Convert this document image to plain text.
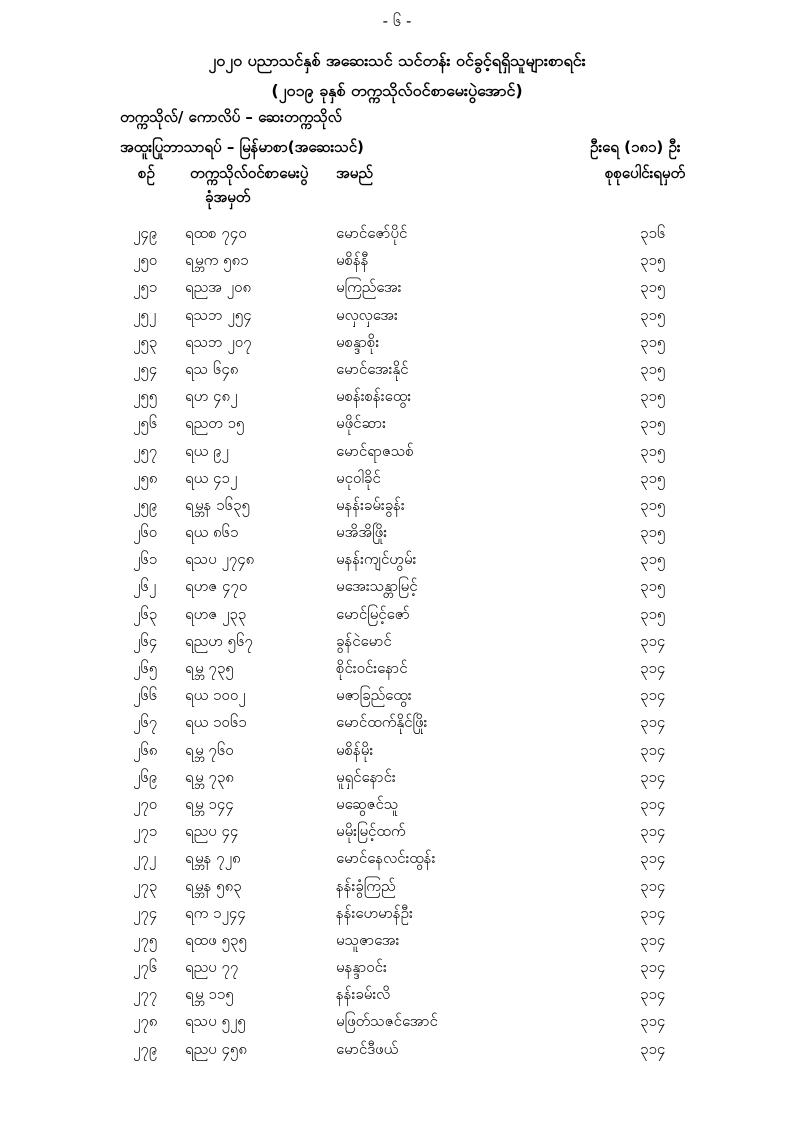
- ၆ -
၂၀၂၀ ပညာသင်နှစ် အဆေးသင် သင်တန်း ဝင်ခွင့်ရရှိသူများစာရင်း
(၂၀၁၉ ခုနှစ် တက္ကသိုလ်ဝင်စာမေးပွဲအောင်)
တက္ကသိုလ်/ ကောလိပ် – ဆေးတက္ကသိုလ်
အထူးပြုဘာသာရပ် – မြန်မာစာ(အဆေးသင်)	ဦးရေ (၁၈၁) ဦး
စဉ် တက္ကသိုလ်ဝင်စာမေးပွဲ
ခုံအမှတ်
အမည်	စုစုပေါင်းရမှတ်
၂၄၉ ရထစ ၇၄၀	မောင်ဇော်ပိုင်	၃၁၆
၂၅၀ ရမ္ဘက ၅၈၁	မစိန်နီ	၃၁၅
၂၅၁ ရညအ ၂၀၈	မကြည်အေး	၃၁၅
၂၅၂ ရသဘ ၂၅၄	မလှလှအေး	၃၁၅
၂၅၃ ရသဘ ၂၀၇	မစန္ဒာစိုး	၃၁၅
၂၅၄ ရသ ၆၄၈	မောင်အေးနိုင်	၃၁၅
၂၅၅ ရဟ ၄၈၂	မစန်းစန်းထွေး	၃၁၅
၂၅၆ ရညတ ၁၅	မဖိုင်ဆား	၃၁၅
၂၅၇ ရယ ၉၂	မောင်ရာဇသစ်	၃၁၅
၂၅၈ ရယ ၄၁၂	မငုဝါခိုင်	၃၁၅
၂၅၉ ရမ္ဘန ၁၆၃၅	မနန်းခမ်းခွန်း	၃၁၅
၂၆၀ ရယ ၈၆၁	မအိအိဖြိုး	၃၁၅
၂၆၁ ရသပ ၂၇၄၈	မနန်းကျင်ဟွမ်း	၃၁၅
၂၆၂ ရဟဇ ၄၇၀	မအေးသန္တာမြင့်	၃၁၅
၂၆၃ ရဟဇ ၂၃၃	မောင်မြင့်ဇော်	၃၁၅
၂၆၄ ရညဟ ၅၆၇	ခွန်ငဲမောင်	၃၁၄
၂၆၅ ရမ္ဘ ၇၃၅	စိုင်းဝင်းနောင်	၃၁၄
၂၆၆ ရယ ၁၀၀၂	မဇာခြည်ထွေး	၃၁၄
၂၆၇ ရယ ၁၀၆၁	မောင်ထက်နိုင်ဖြိုး	၃၁၄
၂၆၈ ရမ္ဘ ၇၆၀	မစိန်မိုး	၃၁၄
၂၆၉ ရမ္ဘ ၇၃၈	မူရှင်နောင်း	၃၁၄
၂၇၀ ရမ္ဘ ၁၄၄	မဆွေဇင်သူ	၃၁၄
၂၇၁ ရညပ ၄၄	မမိုးမြင့်ထက်	၃၁၄
၂၇၂ ရမ္ဘန ၇၂၈	မောင်နေလင်းထွန်း	၃၁၄
၂၇၃ ရမ္ဘန ၅၈၃	နန်းခွံကြည်	၃၁၄
၂၇၄ ရက ၁၂၄၄	နန်းဟေမာန်ဦး	၃၁၄
၂၇၅ ရထဖ ၅၃၅	မသူဇာအေး	၃၁၄
၂၇၆ ရညပ ၇၇	မနန္ဒာဝင်း	၃၁၄
၂၇၇ ရမ္ဘ ၁၁၅	နန်းခမ်းလိ	၃၁၄
၂၇၈ ရသပ ၅၂၅	မဖြတ်သဇင်အောင်	၃၁၄
၂၇၉ ရညပ ၄၅၈	မောင်ဒီဖယ်	၃၁၄
